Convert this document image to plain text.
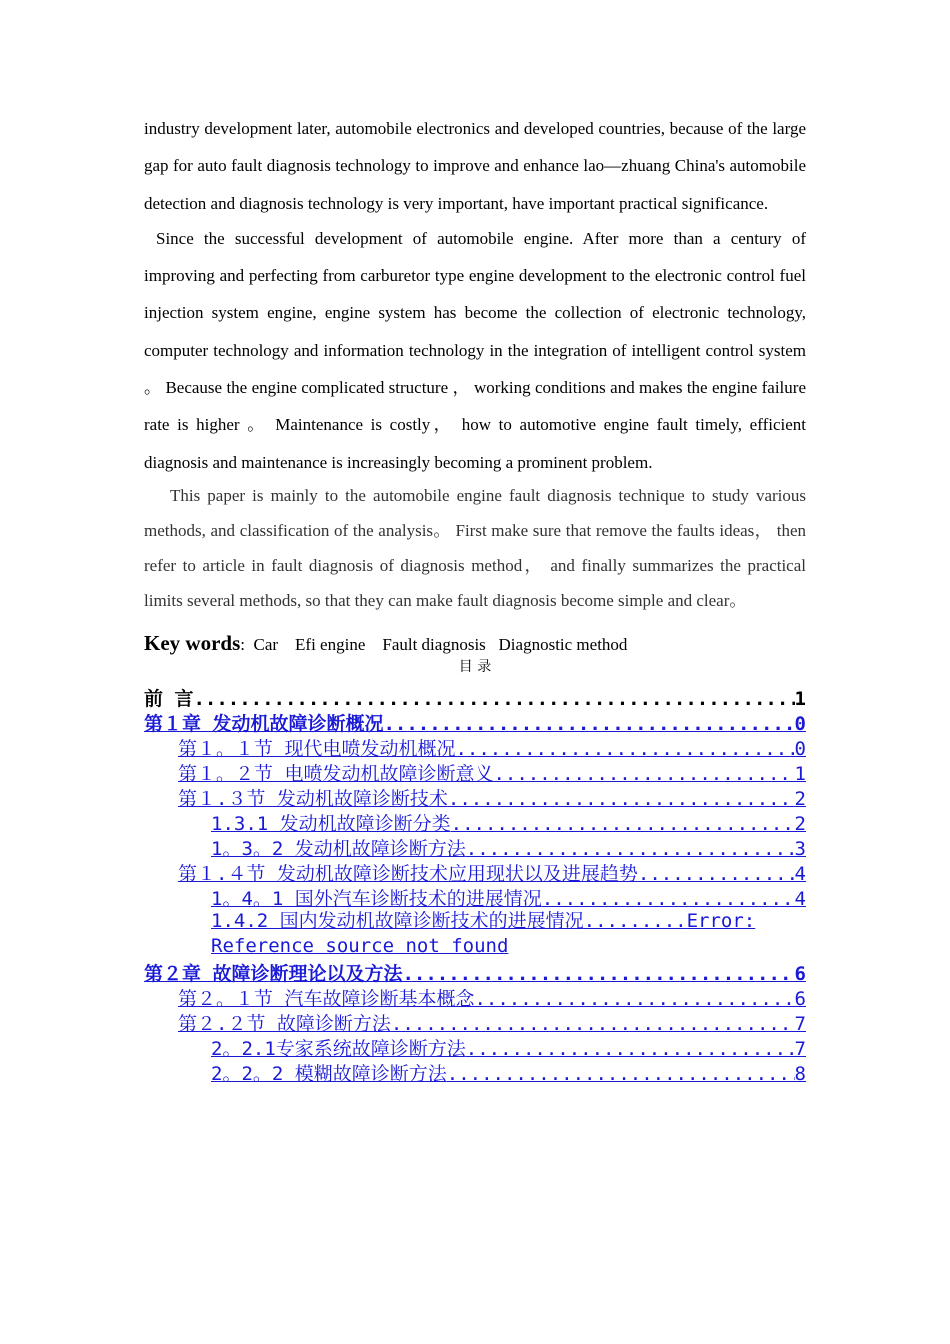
industry development later, automobile electronics and developed countries, because of the large gap for auto fault diagnosis technology to improve and enhance lao—zhuang China's automobile detection and diagnosis technology is very important, have important practical significance.

Since the successful development of automobile engine. After more than a century of improving and perfecting from carburetor type engine development to the electronic control fuel injection system engine, engine system has become the collection of electronic technology, computer technology and information technology in the integration of intelligent control system 。 Because the engine complicated structure ， working conditions and makes the engine failure rate is higher 。 Maintenance is costly， how to automotive engine fault timely, efficient diagnosis and maintenance is increasingly becoming a prominent problem.

This paper is mainly to the automobile engine fault diagnosis technique to study various methods, and classification of the analysis。 First make sure that remove the faults ideas， then refer to article in fault diagnosis of diagnosis method， and finally summarizes the practical limits several methods, so that they can make fault diagnosis become simple and clear。

Key words: Car    Efi engine    Fault diagnosis   Diagnostic method
目 录
前 言 .....	1
第１章 发动机故障诊断概况 .....	0
第１。１节 现代电喷发动机概况 .....	0
第１。２节 电喷发动机故障诊断意义 .....	1
第１.３节 发动机故障诊断技术 .....	2
1.3.1 发动机故障诊断分类 .....	2
1。3。2 发动机故障诊断方法 .....	3
第１.４节 发动机故障诊断技术应用现状以及进展趋势 .....	4
1。4。1 国外汽车诊断技术的进展情况 .....	4
1.4.2 国内发动机故障诊断技术的进展情况.........Error: Reference source not found
第２章 故障诊断理论以及方法 .....	6
第２。１节 汽车故障诊断基本概念 .....	6
第２.２节 故障诊断方法 .....	7
2。2.1专家系统故障诊断方法 .....	7
2。2。2 模糊故障诊断方法 .....	8
